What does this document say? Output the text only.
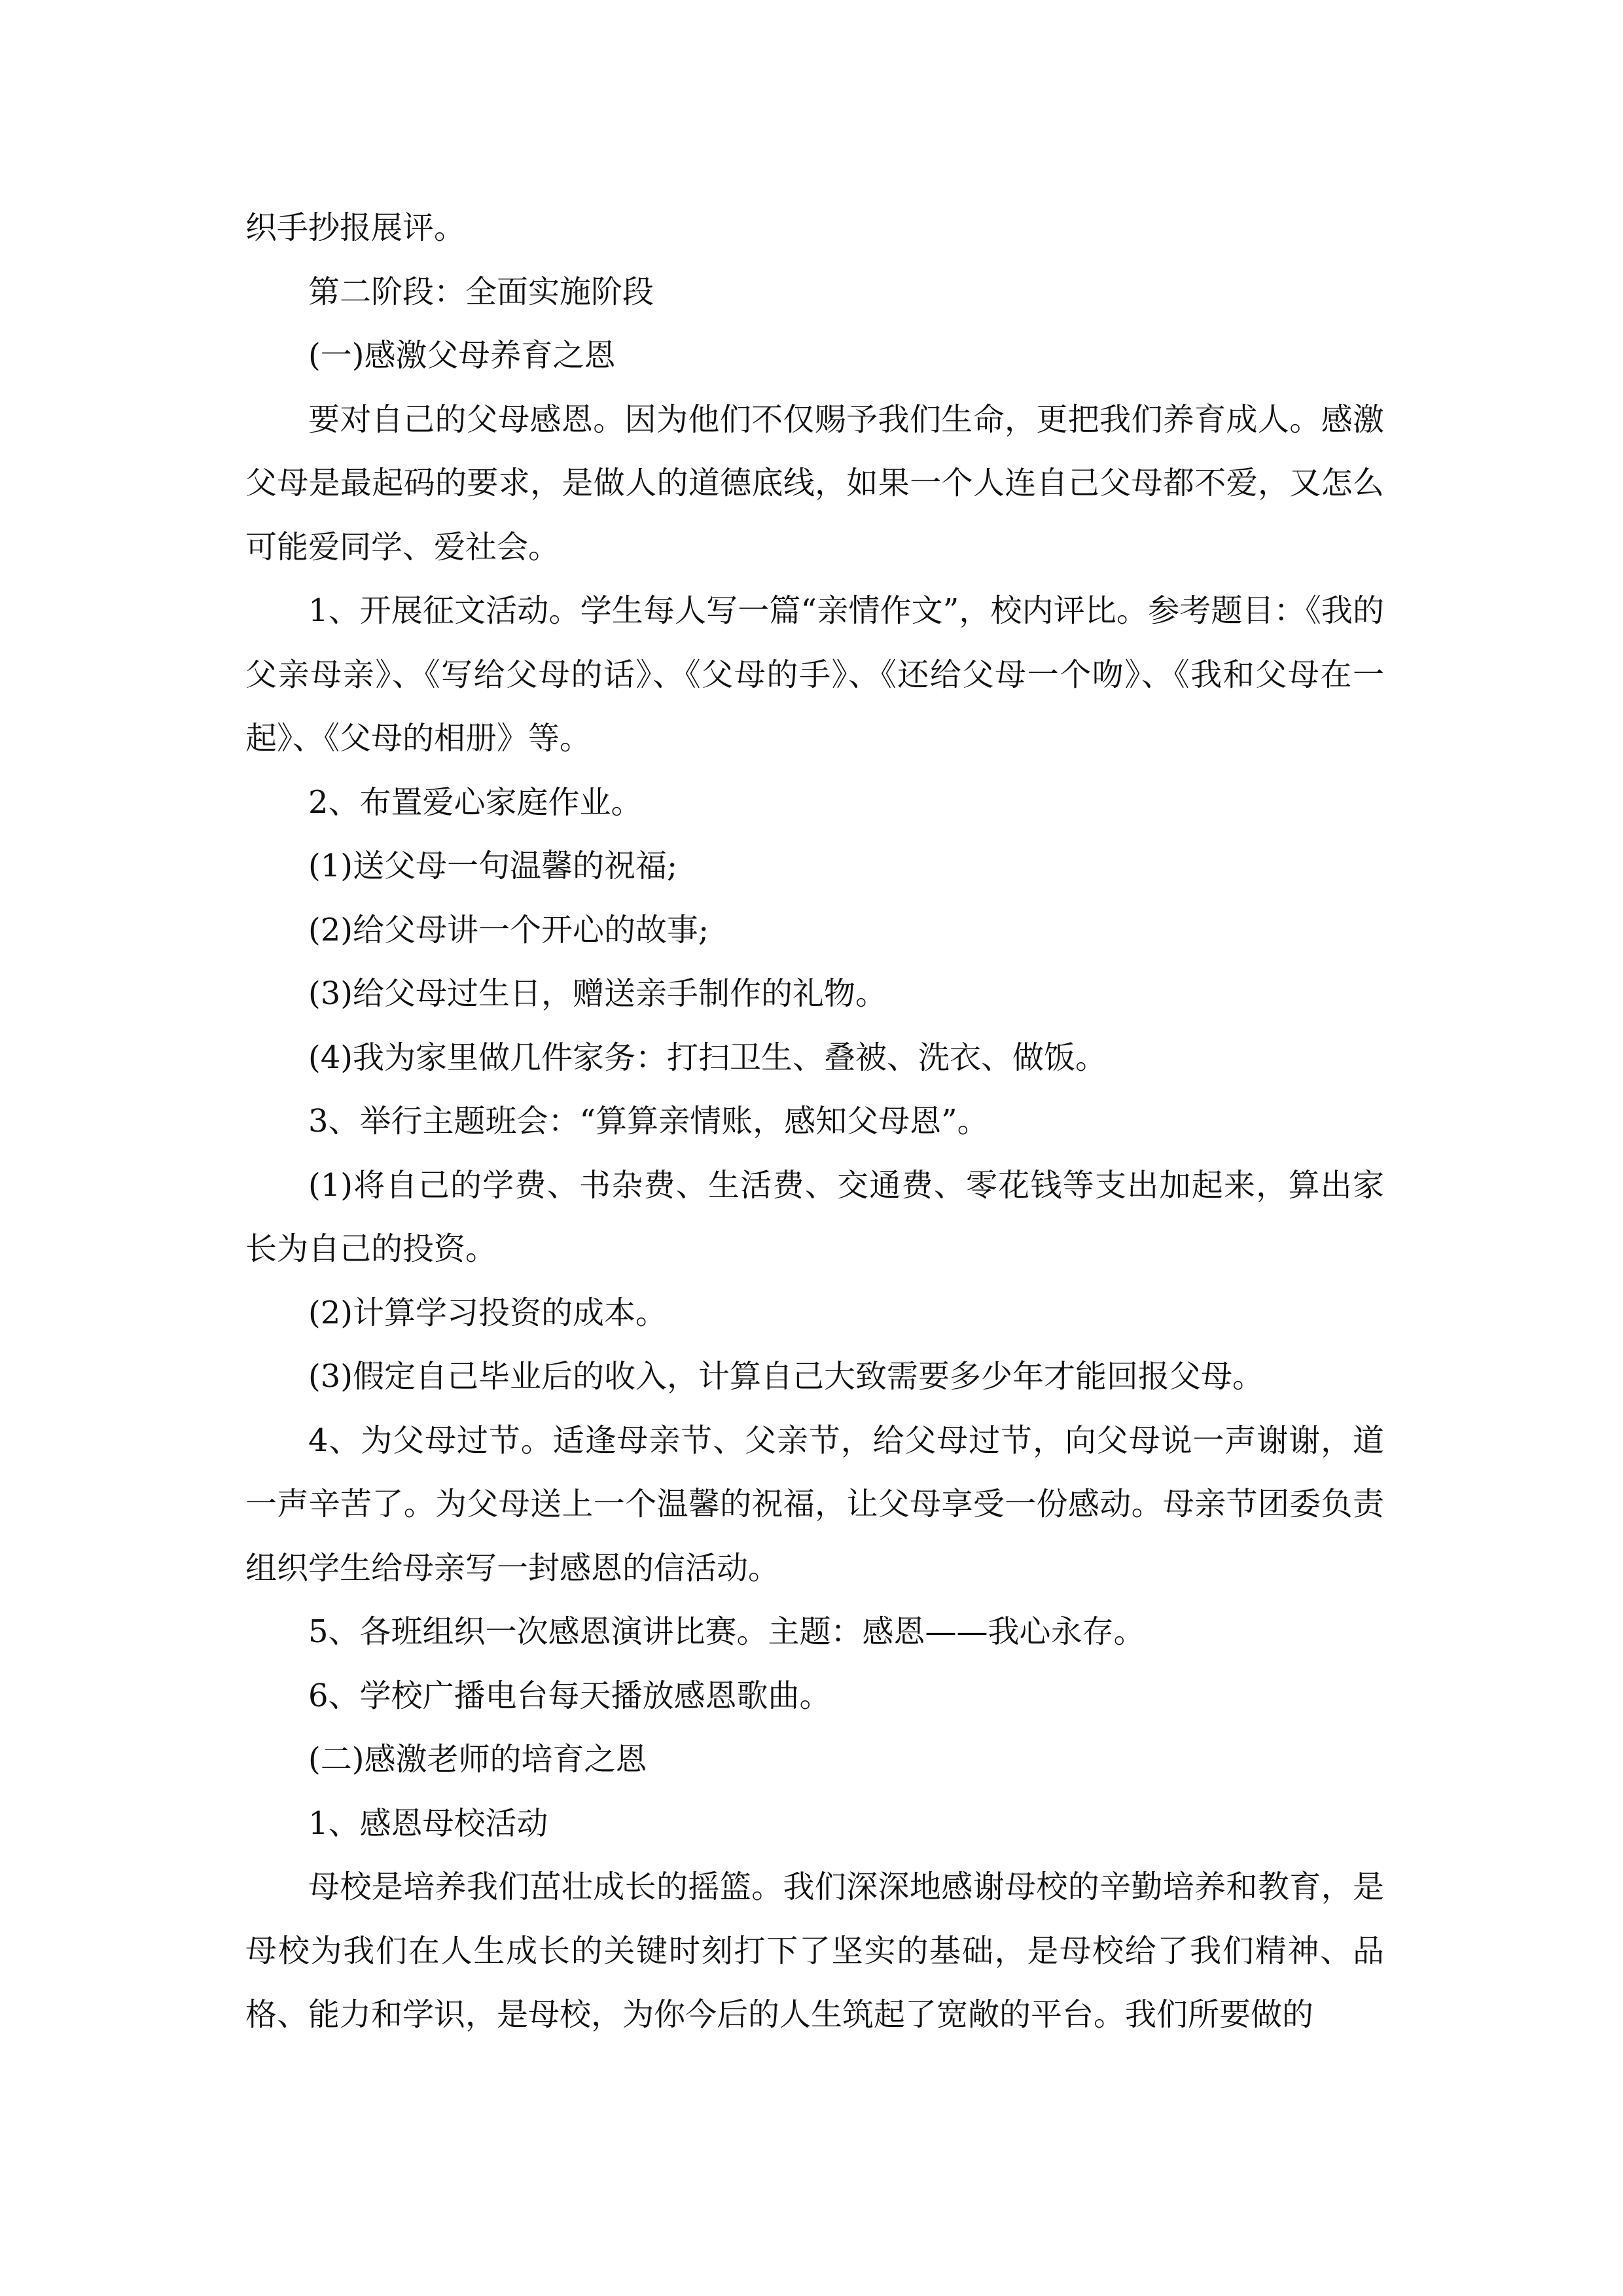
织手抄报展评。

第二阶段：全面实施阶段

(一)感激父母养育之恩

要对自己的父母感恩。因为他们不仅赐予我们生命，更把我们养育成人。感激父母是最起码的要求，是做人的道德底线，如果一个人连自己父母都不爱，又怎么可能爱同学、爱社会。

1、开展征文活动。学生每人写一篇“亲情作文”，校内评比。参考题目：《我的父亲母亲》、《写给父母的话》、《父母的手》、《还给父母一个吻》、《我和父母在一起》、《父母的相册》等。

2、布置爱心家庭作业。

(1)送父母一句温馨的祝福;

(2)给父母讲一个开心的故事;

(3)给父母过生日，赠送亲手制作的礼物。

(4)我为家里做几件家务：打扫卫生、叠被、洗衣、做饭。

3、举行主题班会：“算算亲情账，感知父母恩”。

(1)将自己的学费、书杂费、生活费、交通费、零花钱等支出加起来，算出家长为自己的投资。

(2)计算学习投资的成本。

(3)假定自己毕业后的收入，计算自己大致需要多少年才能回报父母。

4、为父母过节。适逢母亲节、父亲节，给父母过节，向父母说一声谢谢，道一声辛苦了。为父母送上一个温馨的祝福，让父母享受一份感动。母亲节团委负责组织学生给母亲写一封感恩的信活动。

5、各班组织一次感恩演讲比赛。主题：感恩——我心永存。

6、学校广播电台每天播放感恩歌曲。

(二)感激老师的培育之恩

1、感恩母校活动

母校是培养我们茁壮成长的摇篮。我们深深地感谢母校的辛勤培养和教育，是母校为我们在人生成长的关键时刻打下了坚实的基础，是母校给了我们精神、品格、能力和学识，是母校，为你今后的人生筑起了宽敞的平台。我们所要做的
